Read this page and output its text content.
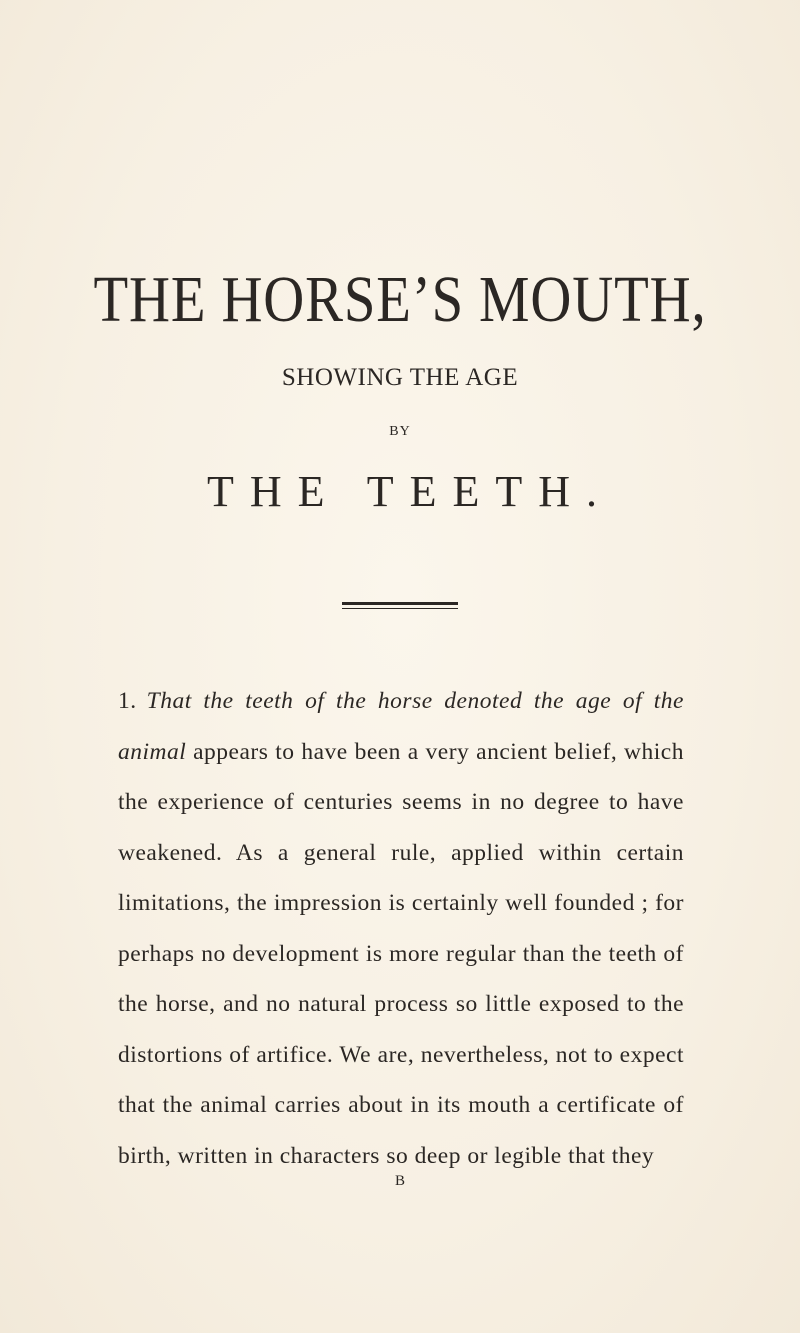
THE HORSE’S MOUTH,
SHOWING THE AGE
BY
THE TEETH.
1. That the teeth of the horse denoted the age of the animal appears to have been a very ancient belief, which the experience of centuries seems in no degree to have weakened. As a general rule, applied within certain limitations, the impression is certainly well founded ; for perhaps no development is more regular than the teeth of the horse, and no natural process so little exposed to the distortions of artifice. We are, nevertheless, not to expect that the animal carries about in its mouth a certificate of birth, written in characters so deep or legible that they
B
